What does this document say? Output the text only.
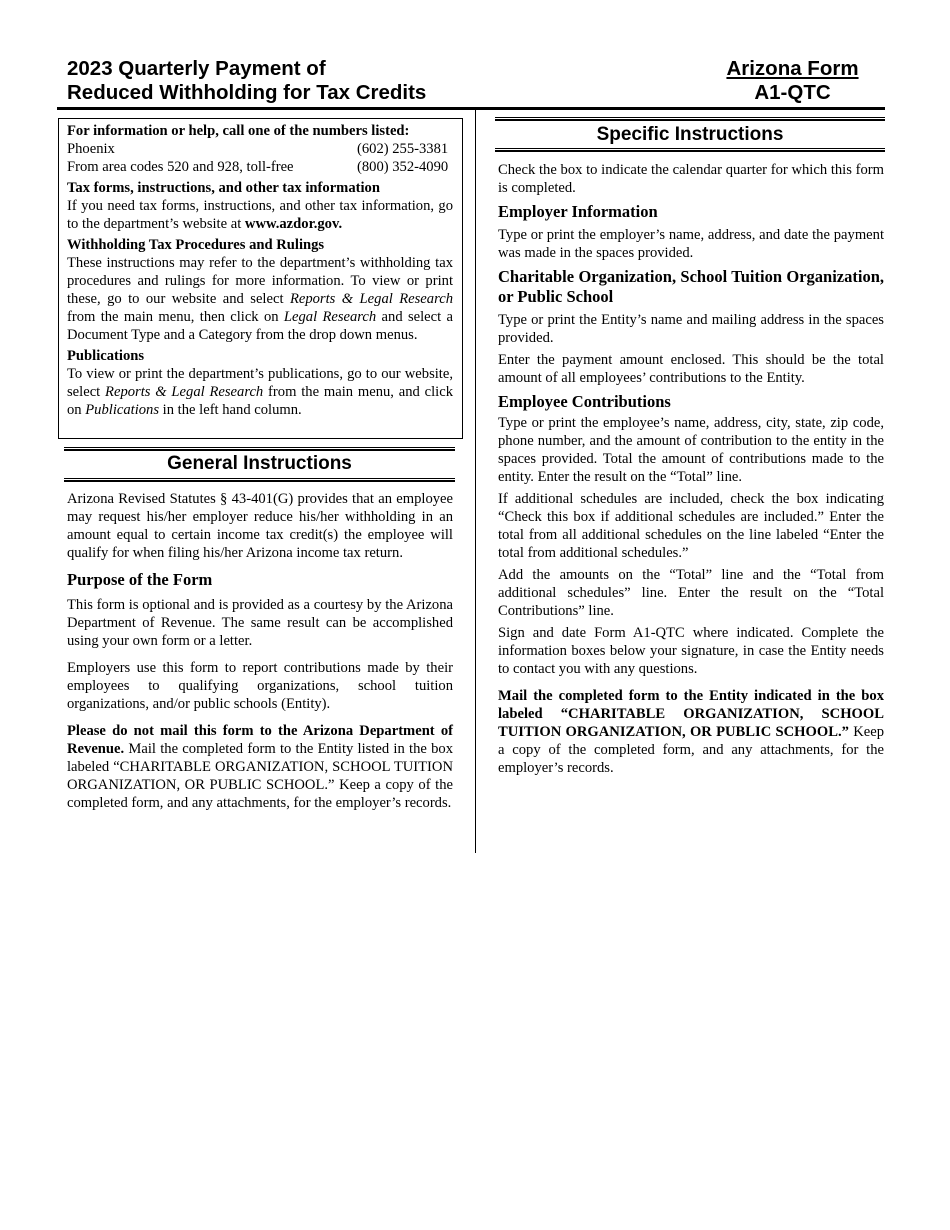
2023 Quarterly Payment of
Reduced Withholding for Tax Credits
Arizona Form
A1-QTC

For information or help, call one of the numbers listed:

Phoenix	(602) 255-3381
From area codes 520 and 928, toll-free	(800) 352-4090

Tax forms, instructions, and other tax information

If you need tax forms, instructions, and other tax information, go to the department’s website at www.azdor.gov.

Withholding Tax Procedures and Rulings

These instructions may refer to the department’s withholding tax procedures and rulings for more information. To view or print these, go to our website and select Reports & Legal Research from the main menu, then click on Legal Research and select a Document Type and a Category from the drop down menus.

Publications

To view or print the department’s publications, go to our website, select Reports & Legal Research from the main menu, and click on Publications in the left hand column.

General Instructions

Arizona Revised Statutes § 43-401(G) provides that an employee may request his/her employer reduce his/her withholding in an amount equal to certain income tax credit(s) the employee will qualify for when filing his/her Arizona income tax return.

Purpose of the Form

This form is optional and is provided as a courtesy by the Arizona Department of Revenue. The same result can be accomplished using your own form or a letter.

Employers use this form to report contributions made by their employees to qualifying organizations, school tuition organizations, and/or public schools (Entity).

Please do not mail this form to the Arizona Department of Revenue. Mail the completed form to the Entity listed in the box labeled “CHARITABLE ORGANIZATION, SCHOOL TUITION ORGANIZATION, OR PUBLIC SCHOOL.” Keep a copy of the completed form, and any attachments, for the employer’s records.

Specific Instructions

Check the box to indicate the calendar quarter for which this form is completed.

Employer Information

Type or print the employer’s name, address, and date the payment was made in the spaces provided.

Charitable Organization, School Tuition Organization, or Public School

Type or print the Entity’s name and mailing address in the spaces provided.

Enter the payment amount enclosed. This should be the total amount of all employees’ contributions to the Entity.

Employee Contributions

Type or print the employee’s name, address, city, state, zip code, phone number, and the amount of contribution to the entity in the spaces provided. Total the amount of contributions made to the entity. Enter the result on the “Total” line.

If additional schedules are included, check the box indicating “Check this box if additional schedules are included.” Enter the total from all additional schedules on the line labeled “Enter the total from additional schedules.”

Add the amounts on the “Total” line and the “Total from additional schedules” line. Enter the result on the “Total Contributions” line.

Sign and date Form A1-QTC where indicated. Complete the information boxes below your signature, in case the Entity needs to contact you with any questions.

Mail the completed form to the Entity indicated in the box labeled “CHARITABLE ORGANIZATION, SCHOOL TUITION ORGANIZATION, OR PUBLIC SCHOOL.” Keep a copy of the completed form, and any attachments, for the employer’s records.
